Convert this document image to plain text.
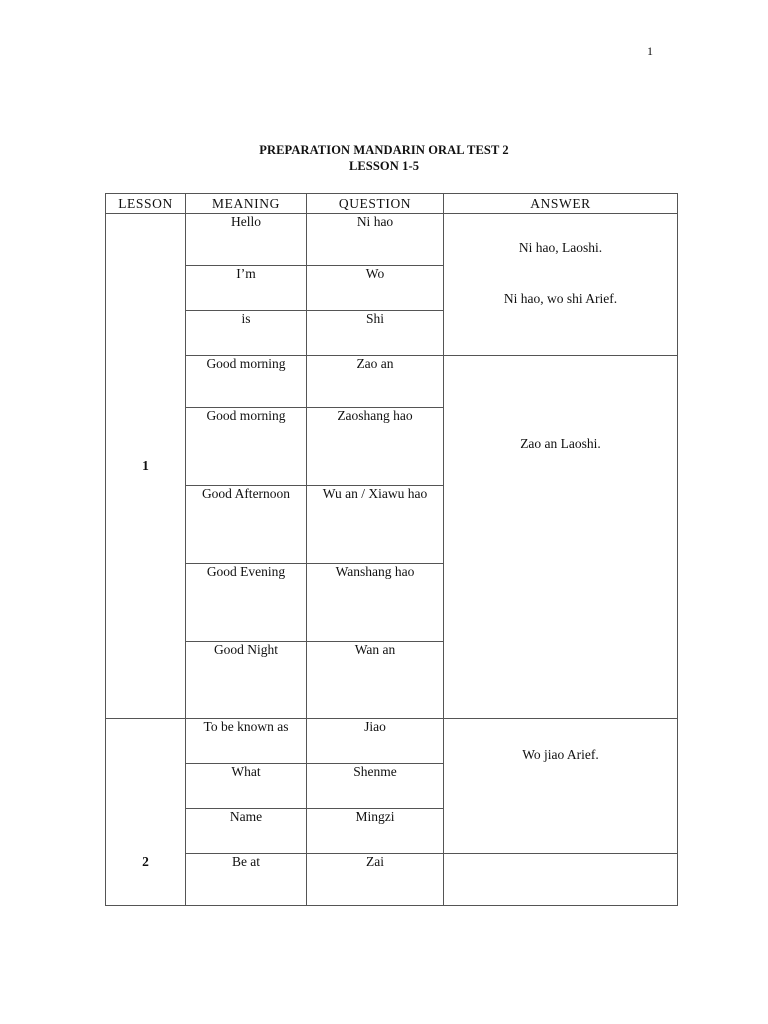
1
PREPARATION MANDARIN ORAL TEST 2
LESSON 1-5
LESSON	MEANING	QUESTION	ANSWER
1	Hello	Ni hao	Ni hao, Laoshi.
Ni hao, wo shi Arief.

	I’m	Wo	
	is	Shi	
	Good morning	Zao an	Zao an Laoshi.

	Good morning	Zaoshang hao	
	Good Afternoon	Wu an / Xiawu hao	
	Good Evening	Wanshang hao	
	Good Night	Wan an	

2	To be known as	Jiao	Wo jiao Arief.

	What	Shenme	
	Name	Mingzi	
	Be at	Zai	
